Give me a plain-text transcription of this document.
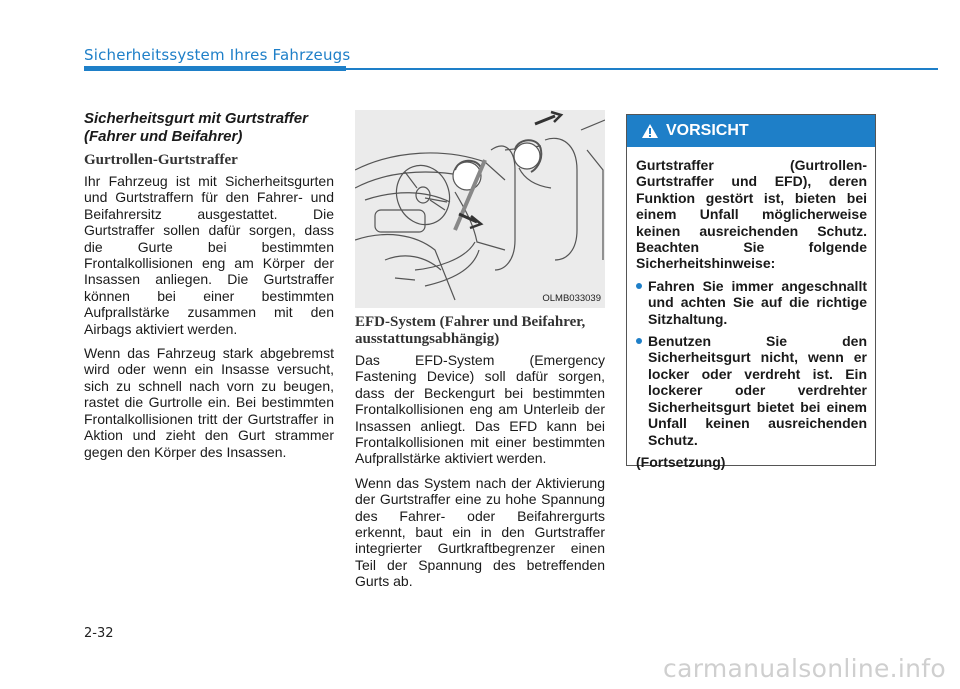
Sicherheitssystem Ihres Fahrzeugs
Sicherheitsgurt mit Gurtstraffer
(Fahrer und Beifahrer)
Gurtrollen-Gurtstraffer

Ihr Fahrzeug ist mit Sicherheitsgurten und Gurtstraffern für den Fahrer- und Beifahrersitz ausgestattet. Die Gurtstraffer sollen dafür sorgen, dass die Gurte bei bestimmten Frontalkollisionen eng am Körper der Insassen anliegen. Die Gurtstraffer können bei einer bestimmten Aufprallstärke zusammen mit den Airbags aktiviert werden.

Wenn das Fahrzeug stark abgebremst wird oder wenn ein Insasse versucht, sich zu schnell nach vorn zu beugen, rastet die Gurtrolle ein. Bei bestimmten Frontalkollisionen tritt der Gurtstraffer in Aktion und zieht den Gurt strammer gegen den Körper des Insassen.

OLMB033039
EFD-System (Fahrer und Beifahrer, ausstattungsabhängig)

Das EFD-System (Emergency Fastening Device) soll dafür sorgen, dass der Beckengurt bei bestimmten Frontalkollisionen eng am Unterleib der Insassen anliegt. Das EFD kann bei Frontalkollisionen mit einer bestimmten Aufprallstärke aktiviert werden.

Wenn das System nach der Aktivierung der Gurtstraffer eine zu hohe Spannung des Fahrer- oder Beifahrergurts erkennt, baut ein in den Gurtstraffer integrierter Gurtkraftbegrenzer einen Teil der Spannung des betreffenden Gurts ab.

VORSICHT

Gurtstraffer (Gurtrollen-Gurtstraffer und EFD), deren Funktion gestört ist, bieten bei einem Unfall möglicherweise keinen ausreichenden Schutz. Beachten Sie folgende Sicherheitshinweise:

Fahren Sie immer angeschnallt und achten Sie auf die richtige Sitzhaltung.
Benutzen Sie den Sicherheitsgurt nicht, wenn er locker oder verdreht ist. Ein lockerer oder verdrehter Sicherheitsgurt bietet bei einem Unfall keinen ausreichenden Schutz.

(Fortsetzung)

2-32
carmanualsonline.info
